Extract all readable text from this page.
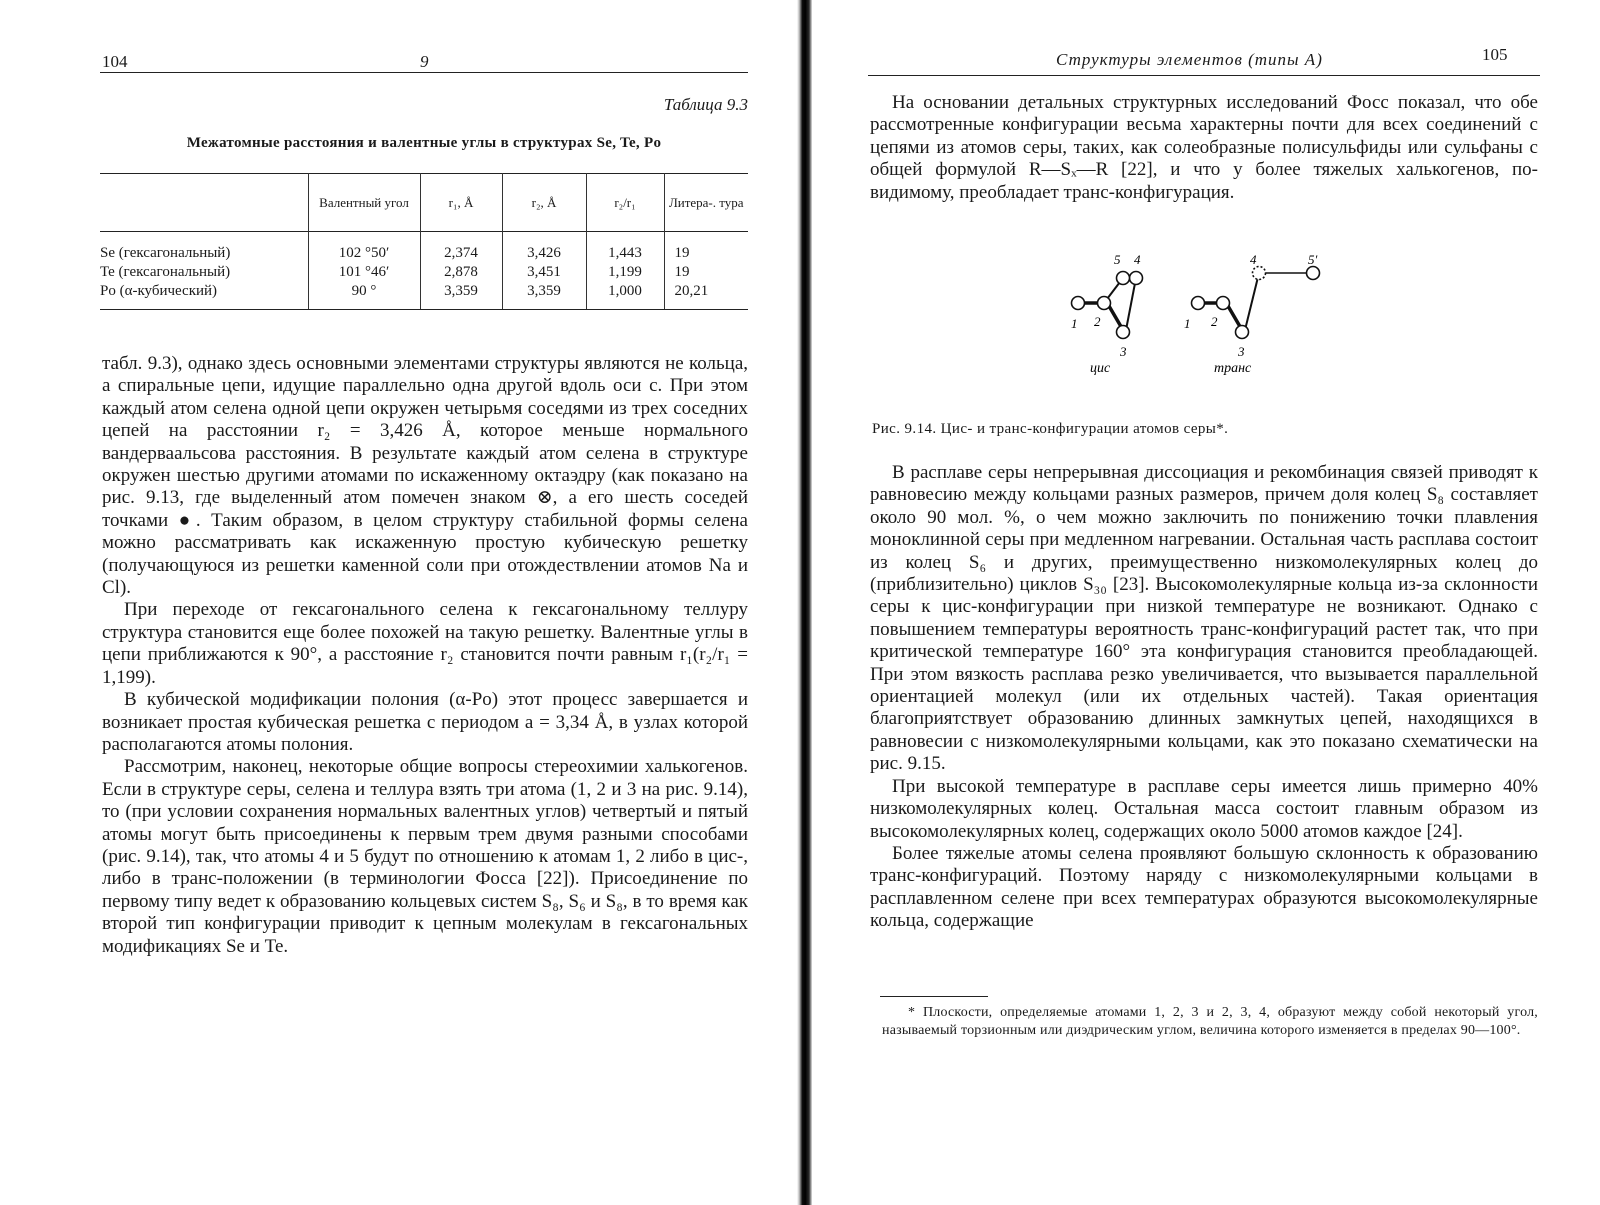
104	9
Таблица 9.3
Межатомные расстояния и валентные углы в структурах Se, Te, Po
	Валентный угол	r₁, Å	r₂, Å	r₂/r₁	Литера-. тура
Se (гексагональный)	102 °50′	2,374	3,426	1,443	19
Te (гексагональный)	101 °46′	2,878	3,451	1,199	19
Po (α-кубический)	90 °	3,359	3,359	1,000	20,21

табл. 9.3), однако здесь основными элементами структуры являются не кольца, а спиральные цепи, идущие параллельно одна другой вдоль оси c. При этом каждый атом селена одной цепи окружен четырьмя соседями из трех соседних цепей на расстоянии r₂ = 3,426 Å, которое меньше нормального вандерваальсова расстояния. В результате каждый атом селена в структуре окружен шестью другими атомами по искаженному октаэдру (как показано на рис. 9.13, где выделенный атом помечен знаком ⊗, а его шесть соседей точками ●. Таким образом, в целом структуру стабильной формы селена можно рассматривать как искаженную простую кубическую решетку (получающуюся из решетки каменной соли при отождествлении атомов Na и Cl).

При переходе от гексагонального селена к гексагональному теллуру структура становится еще более похожей на такую решетку. Валентные углы в цепи приближаются к 90°, а расстояние r₂ становится почти равным r₁(r₂/r₁ = 1,199).

В кубической модификации полония (α-Po) этот процесс завершается и возникает простая кубическая решетка с периодом a = 3,34 Å, в узлах которой располагаются атомы полония.

Рассмотрим, наконец, некоторые общие вопросы стереохимии халькогенов. Если в структуре серы, селена и теллура взять три атома (1, 2 и 3 на рис. 9.14), то (при условии сохранения нормальных валентных углов) четвертый и пятый атомы могут быть присоединены к первым трем двумя разными способами (рис. 9.14), так, что атомы 4 и 5 будут по отношению к атомам 1, 2 либо в цис-, либо в транс-положении (в терминологии Фосса [22]). Присоединение по первому типу ведет к образованию кольцевых систем S₈, S₆ и S₈, в то время как второй тип конфигурации приводит к цепным молекулам в гексагональных модификациях Se и Te.

Структуры элементов (типы А)	105

На основании детальных структурных исследований Фосс показал, что обе рассмотренные конфигурации весьма характерны почти для всех соединений с цепями из атомов серы, таких, как солеобразные полисульфиды или сульфаны с общей формулой R—Sₓ—R [22], и что у более тяжелых халькогенов, по-видимому, преобладает транс-конфигурация.

5 4
1 2
3
цис
4	5′
1 2
3
транс
Рис. 9.14. Цис- и транс-конфигурации атомов серы*.

В расплаве серы непрерывная диссоциация и рекомбинация связей приводят к равновесию между кольцами разных размеров, причем доля колец S₈ составляет около 90 мол. %, о чем можно заключить по понижению точки плавления моноклинной серы при медленном нагревании. Остальная часть расплава состоит из колец S₆ и других, преимущественно низкомолекулярных колец до (приблизительно) циклов S₃₀ [23]. Высокомолекулярные кольца из-за склонности серы к цис-конфигурации при низкой температуре не возникают. Однако с повышением температуры вероятность транс-конфигураций растет так, что при критической температуре 160° эта конфигурация становится преобладающей. При этом вязкость расплава резко увеличивается, что вызывается параллельной ориентацией молекул (или их отдельных частей). Такая ориентация благоприятствует образованию длинных замкнутых цепей, находящихся в равновесии с низкомолекулярными кольцами, как это показано схематически на рис. 9.15.

При высокой температуре в расплаве серы имеется лишь примерно 40% низкомолекулярных колец. Остальная масса состоит главным образом из высокомолекулярных колец, содержащих около 5000 атомов каждое [24].

Более тяжелые атомы селена проявляют большую склонность к образованию транс-конфигураций. Поэтому наряду с низкомолекулярными кольцами в расплавленном селене при всех температурах образуются высокомолекулярные кольца, содержащие

* Плоскости, определяемые атомами 1, 2, 3 и 2, 3, 4, образуют между собой некоторый угол, называемый торзионным или диэдрическим углом, величина которого изменяется в пределах 90—100°.
